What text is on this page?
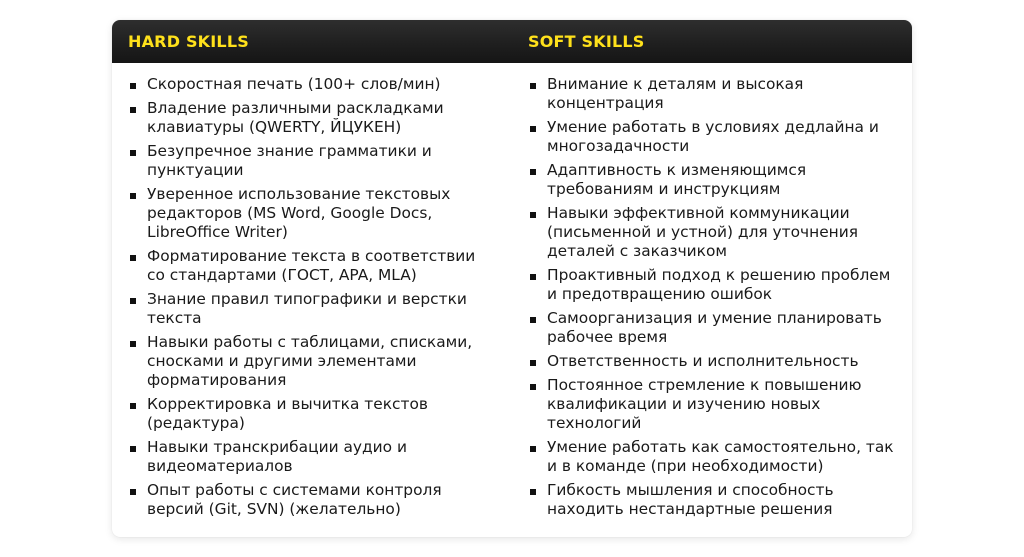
HARD SKILLS	SOFT SKILLS
Скоростная печать (100+ слов/мин)
Владение различными раскладками клавиатуры (QWERTY, ЙЦУКЕН)
Безупречное знание грамматики и пунктуации
Уверенное использование текстовых редакторов (MS Word, Google Docs, LibreOffice Writer)
Форматирование текста в соответствии со стандартами (ГОСТ, APA, MLA)
Знание правил типографики и верстки текста
Навыки работы с таблицами, списками, сносками и другими элементами форматирования
Корректировка и вычитка текстов (редактура)
Навыки транскрибации аудио и видеоматериалов
Опыт работы с системами контроля версий (Git, SVN) (желательно)
Внимание к деталям и высокая концентрация
Умение работать в условиях дедлайна и многозадачности
Адаптивность к изменяющимся требованиям и инструкциям
Навыки эффективной коммуникации (письменной и устной) для уточнения деталей с заказчиком
Проактивный подход к решению проблем и предотвращению ошибок
Самоорганизация и умение планировать рабочее время
Ответственность и исполнительность
Постоянное стремление к повышению квалификации и изучению новых технологий
Умение работать как самостоятельно, так и в команде (при необходимости)
Гибкость мышления и способность находить нестандартные решения
